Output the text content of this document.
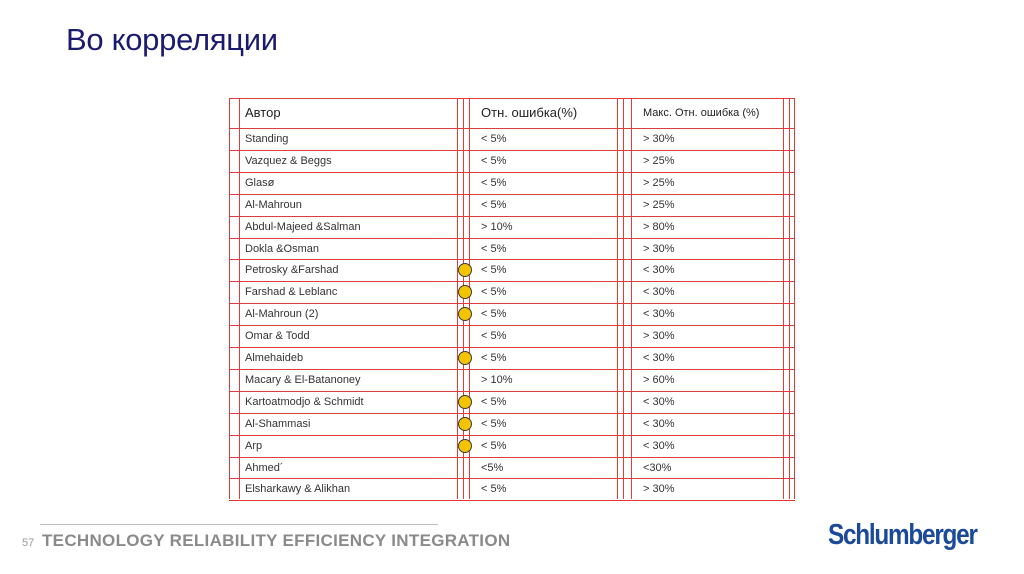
Во корреляции
Автор	Отн. ошибка(%)	Макс. Отн. ошибка (%)
Standing	< 5%	> 30%
Vazquez & Beggs	< 5%	> 25%
Glasø	< 5%	> 25%
Al-Mahroun	< 5%	> 25%
Abdul-Majeed &Salman	> 10%	> 80%
Dokla &Osman	< 5%	> 30%
Petrosky &Farshad	< 5%	< 30%
Farshad & Leblanc	< 5%	< 30%
Al-Mahroun (2)	< 5%	< 30%
Omar & Todd	< 5%	> 30%
Almehaideb	< 5%	< 30%
Macary & El-Batanoney	> 10%	> 60%
Kartoatmodjo & Schmidt	< 5%	< 30%
Al-Shammasi	< 5%	< 30%
Arp	< 5%	< 30%
Ahmed´	<5%	<30%
Elsharkawy & Alikhan	< 5%	> 30%
57 TECHNOLOGY RELIABILITY EFFICIENCY INTEGRATION	Schlumberger
